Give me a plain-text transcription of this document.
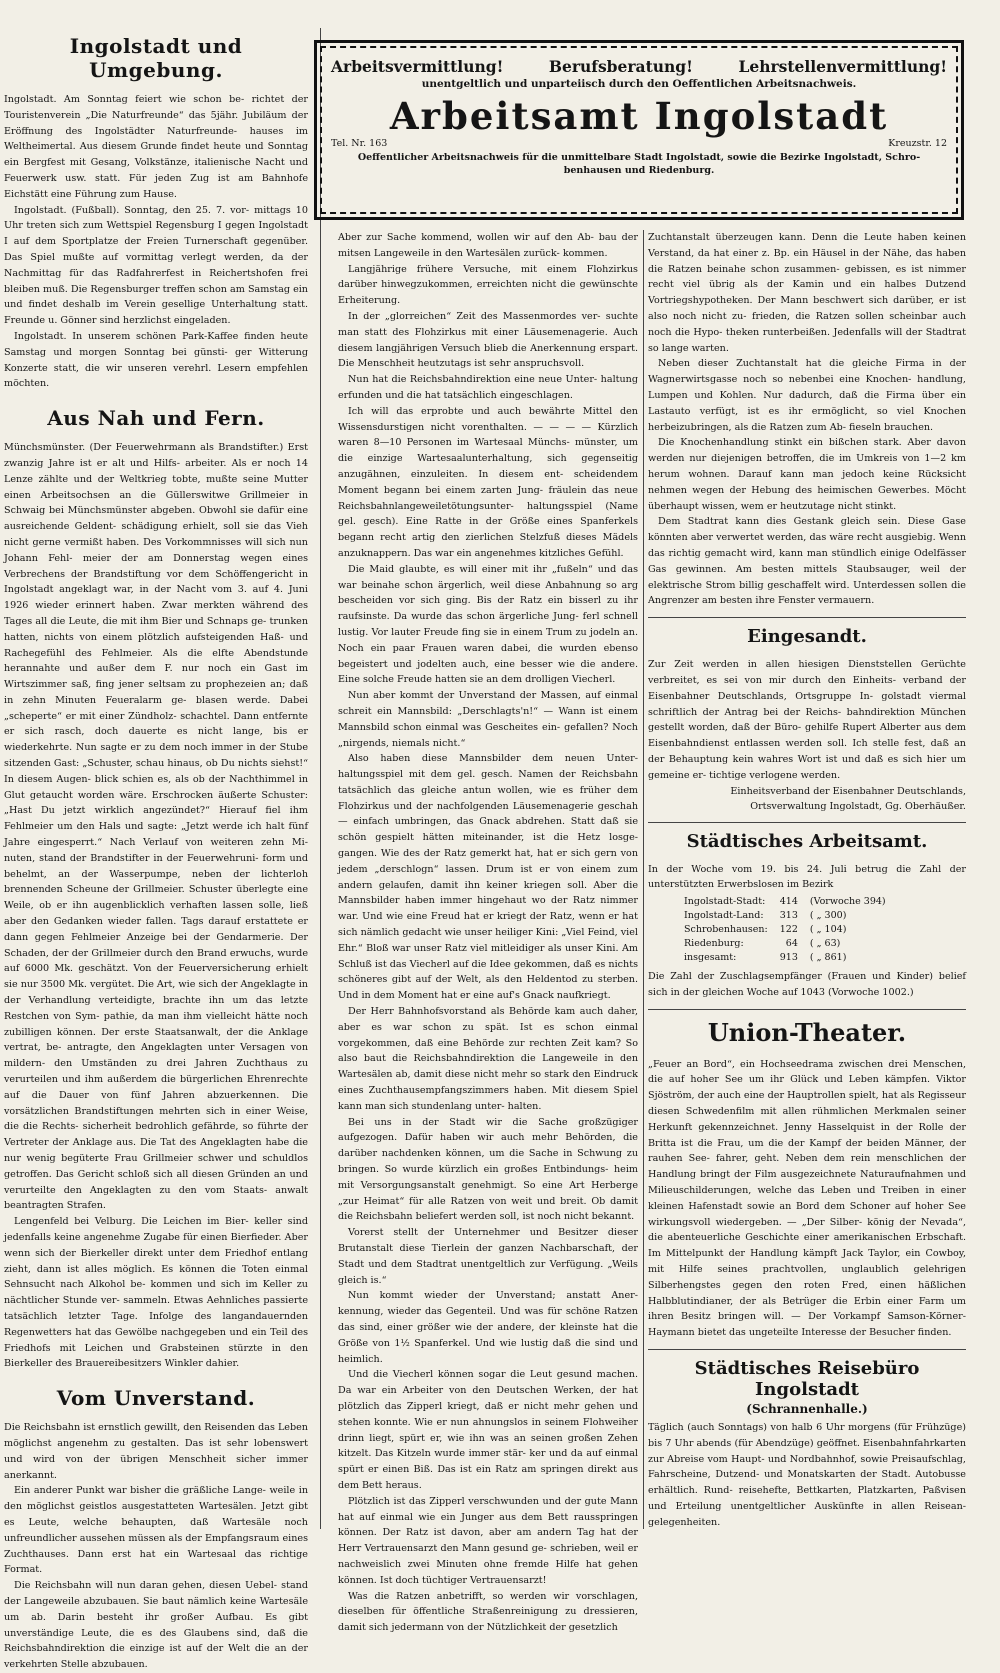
Ingolstadt und Umgebung.

Ingolstadt. Am Sonntag feiert wie schon be- richtet der Touristenverein „Die Naturfreunde“ das 5jähr. Jubiläum der Eröffnung des Ingolstädter Naturfreunde- hauses im Weltheimertal. Aus diesem Grunde findet heute und Sonntag ein Bergfest mit Gesang, Volkstänze, italienische Nacht und Feuerwerk usw. statt. Für jeden Zug ist am Bahnhofe Eichstätt eine Führung zum Hause.

Ingolstadt. (Fußball). Sonntag, den 25. 7. vor- mittags 10 Uhr treten sich zum Wettspiel Regensburg I gegen Ingolstadt I auf dem Sportplatze der Freien Turnerschaft gegenüber. Das Spiel mußte auf vormittag verlegt werden, da der Nachmittag für das Radfahrerfest in Reichertshofen frei bleiben muß. Die Regensburger treffen schon am Samstag ein und findet deshalb im Verein gesellige Unterhaltung statt. Freunde u. Gönner sind herzlichst eingeladen.

Ingolstadt. In unserem schönen Park-Kaffee finden heute Samstag und morgen Sonntag bei günsti- ger Witterung Konzerte statt, die wir unseren verehrl. Lesern empfehlen möchten.

Aus Nah und Fern.

Münchsmünster. (Der Feuerwehrmann als Brandstifter.) Erst zwanzig Jahre ist er alt und Hilfs- arbeiter. Als er noch 14 Lenze zählte und der Weltkrieg tobte, mußte seine Mutter einen Arbeitsochsen an die Güllerswitwe Grillmeier in Schwaig bei Münchsmünster abgeben. Obwohl sie dafür eine ausreichende Geldent- schädigung erhielt, soll sie das Vieh nicht gerne vermißt haben. Des Vorkommnisses will sich nun Johann Fehl- meier der am Donnerstag wegen eines Verbrechens der Brandstiftung vor dem Schöffengericht in Ingolstadt angeklagt war, in der Nacht vom 3. auf 4. Juni 1926 wieder erinnert haben. Zwar merkten während des Tages all die Leute, die mit ihm Bier und Schnaps ge- trunken hatten, nichts von einem plötzlich aufsteigenden Haß- und Rachegefühl des Fehlmeier. Als die elfte Abendstunde herannahte und außer dem F. nur noch ein Gast im Wirtszimmer saß, fing jener seltsam zu prophezeien an; daß in zehn Minuten Feueralarm ge- blasen werde. Dabei „scheperte“ er mit einer Zündholz- schachtel. Dann entfernte er sich rasch, doch dauerte es nicht lange, bis er wiederkehrte. Nun sagte er zu dem noch immer in der Stube sitzenden Gast: „Schuster, schau hinaus, ob Du nichts siehst!“ In diesem Augen- blick schien es, als ob der Nachthimmel in Glut getaucht worden wäre. Erschrocken äußerte Schuster: „Hast Du jetzt wirklich angezündet?“ Hierauf fiel ihm Fehlmeier um den Hals und sagte: „Jetzt werde ich halt fünf Jahre eingesperrt.“ Nach Verlauf von weiteren zehn Mi- nuten, stand der Brandstifter in der Feuerwehruni- form und behelmt, an der Wasserpumpe, neben der lichterloh brennenden Scheune der Grillmeier. Schuster überlegte eine Weile, ob er ihn augenblicklich verhaften lassen solle, ließ aber den Gedanken wieder fallen. Tags darauf erstattete er dann gegen Fehlmeier Anzeige bei der Gendarmerie. Der Schaden, der der Grillmeier durch den Brand erwuchs, wurde auf 6000 Mk. geschätzt. Von der Feuerversicherung erhielt sie nur 3500 Mk. vergütet. Die Art, wie sich der Angeklagte in der Verhandlung verteidigte, brachte ihn um das letzte Restchen von Sym- pathie, da man ihm vielleicht hätte noch zubilligen können. Der erste Staatsanwalt, der die Anklage vertrat, be- antragte, den Angeklagten unter Versagen von mildern- den Umständen zu drei Jahren Zuchthaus zu verurteilen und ihm außerdem die bürgerlichen Ehrenrechte auf die Dauer von fünf Jahren abzuerkennen. Die vorsätzlichen Brandstiftungen mehrten sich in einer Weise, die die Rechts- sicherheit bedrohlich gefährde, so führte der Vertreter der Anklage aus. Die Tat des Angeklagten habe die nur wenig begüterte Frau Grillmeier schwer und schuldlos getroffen. Das Gericht schloß sich all diesen Gründen an und verurteilte den Angeklagten zu den vom Staats- anwalt beantragten Strafen.

Lengenfeld bei Velburg. Die Leichen im Bier- keller sind jedenfalls keine angenehme Zugabe für einen Bierfieder. Aber wenn sich der Bierkeller direkt unter dem Friedhof entlang zieht, dann ist alles möglich. Es können die Toten einmal Sehnsucht nach Alkohol be- kommen und sich im Keller zu nächtlicher Stunde ver- sammeln. Etwas Aehnliches passierte tatsächlich letzter Tage. Infolge des langandauernden Regenwetters hat das Gewölbe nachgegeben und ein Teil des Friedhofs mit Leichen und Grabsteinen stürzte in den Bierkeller des Brauereibesitzers Winkler dahier.

Vom Unverstand.

Die Reichsbahn ist ernstlich gewillt, den Reisenden das Leben möglichst angenehm zu gestalten. Das ist sehr lobenswert und wird von der übrigen Menschheit sicher immer anerkannt.

Ein anderer Punkt war bisher die gräßliche Lange- weile in den möglichst geistlos ausgestatteten Wartesälen. Jetzt gibt es Leute, welche behaupten, daß Wartesäle noch unfreundlicher aussehen müssen als der Empfangsraum eines Zuchthauses. Dann erst hat ein Wartesaal das richtige Format.

Die Reichsbahn will nun daran gehen, diesen Uebel- stand der Langeweile abzubauen. Sie baut nämlich keine Wartesäle um ab. Darin besteht ihr großer Aufbau. Es gibt unverständige Leute, die es des Glaubens sind, daß die Reichsbahndirektion die einzige ist auf der Welt die an der verkehrten Stelle abzubauen.

Arbeitsvermittlung!	Berufsberatung!	Lehrstellenvermittlung!
unentgeltlich und unparteiisch durch den Oeffentlichen Arbeitsnachweis.
Arbeitsamt Ingolstadt
Tel. Nr. 163	Kreuzstr. 12
Oeffentlicher Arbeitsnachweis für die unmittelbare Stadt Ingolstadt, sowie die Bezirke Ingolstadt, Schro- benhausen und Riedenburg.

Aber zur Sache kommend, wollen wir auf den Ab- bau der mitsen Langeweile in den Wartesälen zurück- kommen.

Langjährige frühere Versuche, mit einem Flohzirkus darüber hinwegzukommen, erreichten nicht die gewünschte Erheiterung.

In der „glorreichen“ Zeit des Massenmordes ver- suchte man statt des Flohzirkus mit einer Läusemenagerie. Auch diesem langjährigen Versuch blieb die Anerkennung erspart. Die Menschheit heutzutags ist sehr anspruchsvoll.

Nun hat die Reichsbahndirektion eine neue Unter- haltung erfunden und die hat tatsächlich eingeschlagen.

Ich will das erprobte und auch bewährte Mittel den Wissensdurstigen nicht vorenthalten. — — — — Kürzlich waren 8—10 Personen im Wartesaal Münchs- münster, um die einzige Wartesaalunterhaltung, sich gegenseitig anzugähnen, einzuleiten. In diesem ent- scheidendem Moment begann bei einem zarten Jung- fräulein das neue Reichsbahnlangeweiletötungsunter- haltungsspiel (Name gel. gesch). Eine Ratte in der Größe eines Spanferkels begann recht artig den zierlichen Stelzfuß dieses Mädels anzuknappern. Das war ein angenehmes kitzliches Gefühl.

Die Maid glaubte, es will einer mit ihr „fußeln“ und das war beinahe schon ärgerlich, weil diese Anbahnung so arg bescheiden vor sich ging. Bis der Ratz ein bisserl zu ihr raufsinste. Da wurde das schon ärgerliche Jung- ferl schnell lustig. Vor lauter Freude fing sie in einem Trum zu jodeln an. Noch ein paar Frauen waren dabei, die wurden ebenso begeistert und jodelten auch, eine besser wie die andere. Eine solche Freude hatten sie an dem drolligen Viecherl.

Nun aber kommt der Unverstand der Massen, auf einmal schreit ein Mannsbild: „Derschlagts'n!“ — Wann ist einem Mannsbild schon einmal was Gescheites ein- gefallen? Noch „nirgends, niemals nicht.“

Also haben diese Mannsbilder dem neuen Unter- haltungsspiel mit dem gel. gesch. Namen der Reichsbahn tatsächlich das gleiche antun wollen, wie es früher dem Flohzirkus und der nachfolgenden Läusemenagerie geschah — einfach umbringen, das Gnack abdrehen. Statt daß sie schön gespielt hätten miteinander, ist die Hetz losge- gangen. Wie des der Ratz gemerkt hat, hat er sich gern von jedem „derschlogn“ lassen. Drum ist er von einem zum andern gelaufen, damit ihn keiner kriegen soll. Aber die Mannsbilder haben immer hingehaut wo der Ratz nimmer war. Und wie eine Freud hat er kriegt der Ratz, wenn er hat sich nämlich gedacht wie unser heiliger Kini: „Viel Feind, viel Ehr.“ Bloß war unser Ratz viel mitleidiger als unser Kini. Am Schluß ist das Viecherl auf die Idee gekommen, daß es nichts schöneres gibt auf der Welt, als den Heldentod zu sterben. Und in dem Moment hat er eine auf's Gnack naufkriegt.

Der Herr Bahnhofsvorstand als Behörde kam auch daher, aber es war schon zu spät. Ist es schon einmal vorgekommen, daß eine Behörde zur rechten Zeit kam? So also baut die Reichsbahndirektion die Langeweile in den Wartesälen ab, damit diese nicht mehr so stark den Eindruck eines Zuchthausempfangszimmers haben. Mit diesem Spiel kann man sich stundenlang unter- halten.

Bei uns in der Stadt wir die Sache großzügiger aufgezogen. Dafür haben wir auch mehr Behörden, die darüber nachdenken können, um die Sache in Schwung zu bringen. So wurde kürzlich ein großes Entbindungs- heim mit Versorgungsanstalt genehmigt. So eine Art Herberge „zur Heimat“ für alle Ratzen von weit und breit. Ob damit die Reichsbahn beliefert werden soll, ist noch nicht bekannt.

Vorerst stellt der Unternehmer und Besitzer dieser Brutanstalt diese Tierlein der ganzen Nachbarschaft, der Stadt und dem Stadtrat unentgeltlich zur Verfügung. „Weils gleich is.“

Nun kommt wieder der Unverstand; anstatt Aner- kennung, wieder das Gegenteil. Und was für schöne Ratzen das sind, einer größer wie der andere, der kleinste hat die Größe von 1½ Spanferkel. Und wie lustig daß die sind und heimlich.

Und die Viecherl können sogar die Leut gesund machen. Da war ein Arbeiter von den Deutschen Werken, der hat plötzlich das Zipperl kriegt, daß er nicht mehr gehen und stehen konnte. Wie er nun ahnungslos in seinem Flohweiher drinn liegt, spürt er, wie ihn was an seinen großen Zehen kitzelt. Das Kitzeln wurde immer stär- ker und da auf einmal spürt er einen Biß. Das ist ein Ratz am springen direkt aus dem Bett heraus.

Plötzlich ist das Zipperl verschwunden und der gute Mann hat auf einmal wie ein Junger aus dem Bett rausspringen können. Der Ratz ist davon, aber am andern Tag hat der Herr Vertrauensarzt den Mann gesund ge- schrieben, weil er nachweislich zwei Minuten ohne fremde Hilfe hat gehen können. Ist doch tüchtiger Vertrauensarzt!

Was die Ratzen anbetrifft, so werden wir vorschlagen, dieselben für öffentliche Straßenreinigung zu dressieren, damit sich jedermann von der Nützlichkeit der gesetzlich

Zuchtanstalt überzeugen kann. Denn die Leute haben keinen Verstand, da hat einer z. Bp. ein Häusel in der Nähe, das haben die Ratzen beinahe schon zusammen- gebissen, es ist nimmer recht viel übrig als der Kamin und ein halbes Dutzend Vortriegshypotheken. Der Mann beschwert sich darüber, er ist also noch nicht zu- frieden, die Ratzen sollen scheinbar auch noch die Hypo- theken runterbeißen. Jedenfalls will der Stadtrat so lange warten.

Neben dieser Zuchtanstalt hat die gleiche Firma in der Wagnerwirtsgasse noch so nebenbei eine Knochen- handlung, Lumpen und Kohlen. Nur dadurch, daß die Firma über ein Lastauto verfügt, ist es ihr ermöglicht, so viel Knochen herbeizubringen, als die Ratzen zum Ab- fieseln brauchen.

Die Knochenhandlung stinkt ein bißchen stark. Aber davon werden nur diejenigen betroffen, die im Umkreis von 1—2 km herum wohnen. Darauf kann man jedoch keine Rücksicht nehmen wegen der Hebung des heimischen Gewerbes. Möcht überhaupt wissen, wem er heutzutage nicht stinkt.

Dem Stadtrat kann dies Gestank gleich sein. Diese Gase könnten aber verwertet werden, das wäre recht ausgiebig. Wenn das richtig gemacht wird, kann man stündlich einige Odelfässer Gas gewinnen. Am besten mittels Staubsauger, weil der elektrische Strom billig geschaffelt wird. Unterdessen sollen die Angrenzer am besten ihre Fenster vermauern.

Eingesandt.

Zur Zeit werden in allen hiesigen Dienststellen Gerüchte verbreitet, es sei von mir durch den Einheits- verband der Eisenbahner Deutschlands, Ortsgruppe In- golstadt viermal schriftlich der Antrag bei der Reichs- bahndirektion München gestellt worden, daß der Büro- gehilfe Rupert Alberter aus dem Eisenbahndienst entlassen werden soll. Ich stelle fest, daß an der Behauptung kein wahres Wort ist und daß es sich hier um gemeine er- tichtige verlogene werden.

Einheitsverband der Eisenbahner Deutschlands,

Ortsverwaltung Ingolstadt, Gg. Oberhäußer.

Städtisches Arbeitsamt.

In der Woche vom 19. bis 24. Juli betrug die Zahl der unterstützten Erwerbslosen im Bezirk

Ingolstadt-Stadt:	414	(Vorwoche 394)
Ingolstadt-Land:	313	( „ 300)
Schrobenhausen:	122	( „ 104)
Riedenburg:	64	( „ 63)
insgesamt:	913	( „ 861)

Die Zahl der Zuschlagsempfänger (Frauen und Kinder) belief sich in der gleichen Woche auf 1043 (Vorwoche 1002.)

Union-Theater.

„Feuer an Bord“, ein Hochseedrama zwischen drei Menschen, die auf hoher See um ihr Glück und Leben kämpfen. Viktor Sjöström, der auch eine der Hauptrollen spielt, hat als Regisseur diesen Schwedenfilm mit allen rühmlichen Merkmalen seiner Herkunft gekennzeichnet. Jenny Hasselquist in der Rolle der Britta ist die Frau, um die der Kampf der beiden Männer, der rauhen See- fahrer, geht. Neben dem rein menschlichen der Handlung bringt der Film ausgezeichnete Naturaufnahmen und Milieuschilderungen, welche das Leben und Treiben in einer kleinen Hafenstadt sowie an Bord dem Schoner auf hoher See wirkungsvoll wiedergeben. — „Der Silber- könig der Nevada“, die abenteuerliche Geschichte einer amerikanischen Erbschaft. Im Mittelpunkt der Handlung kämpft Jack Taylor, ein Cowboy, mit Hilfe seines prachtvollen, unglaublich gelehrigen Silberhengstes gegen den roten Fred, einen häßlichen Halbblutindianer, der als Betrüger die Erbin einer Farm um ihren Besitz bringen will. — Der Vorkampf Samson-Körner-Haymann bietet das ungeteilte Interesse der Besucher finden.

Städtisches Reisebüro Ingolstadt
(Schrannenhalle.)

Täglich (auch Sonntags) von halb 6 Uhr morgens (für Frühzüge) bis 7 Uhr abends (für Abendzüge) geöffnet. Eisenbahnfahrkarten zur Abreise vom Haupt- und Nordbahnhof, sowie Preisaufschlag, Fahrscheine, Dutzend- und Monatskarten der Stadt. Autobusse erhältlich. Rund- reisehefte, Bettkarten, Platzkarten, Paßvisen und Erteilung unentgeltlicher Auskünfte in allen Reisean- gelegenheiten.
